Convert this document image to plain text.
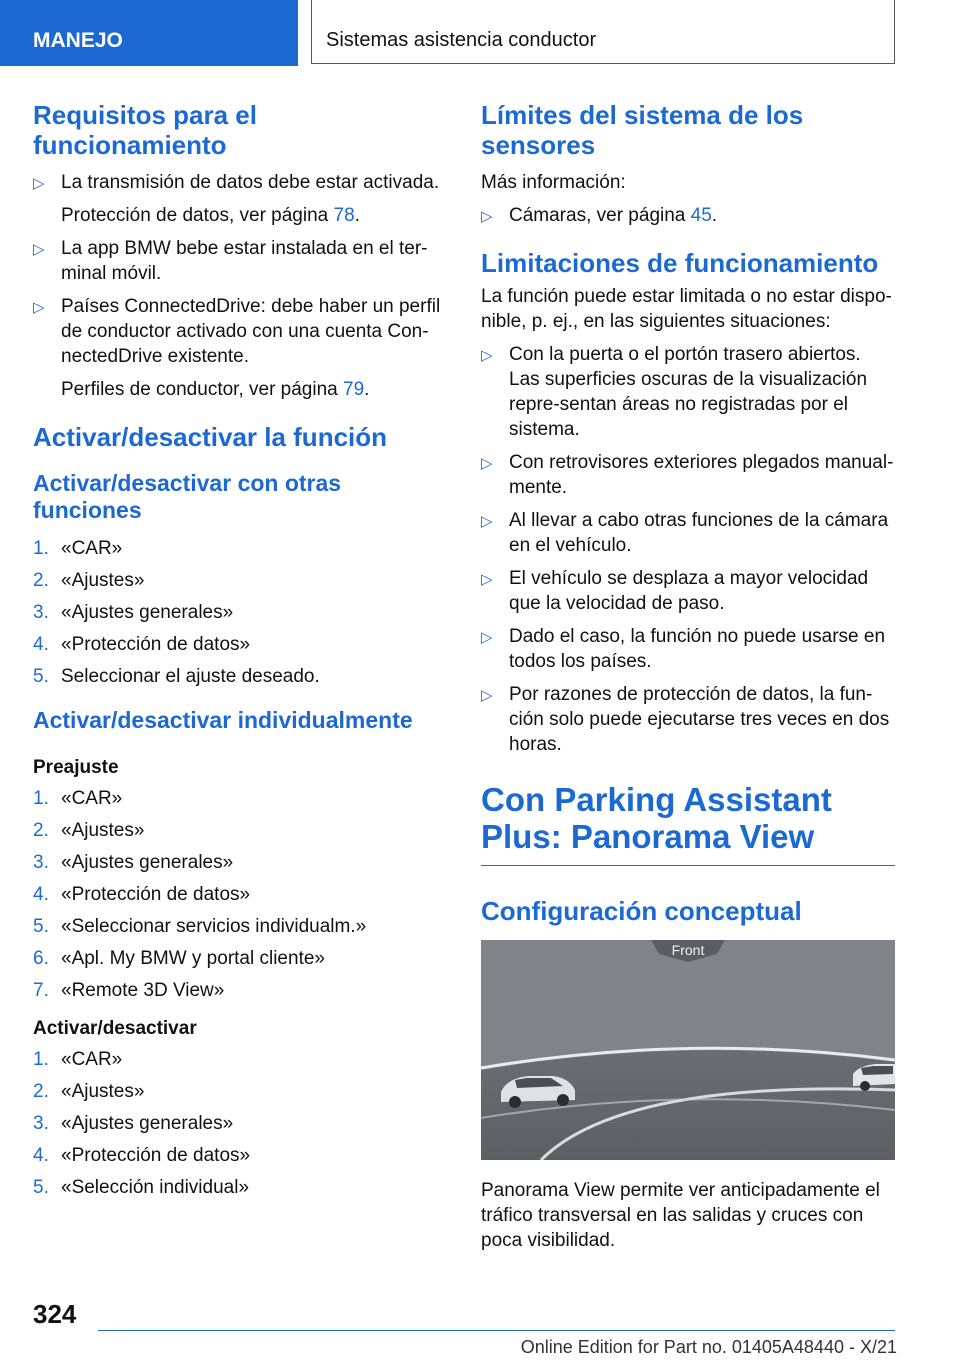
MANEJO	Sistemas asistencia conductor
Requisitos para el funcionamiento
▷ La transmisión de datos debe estar activada.
Protección de datos, ver página 78.
▷ La app BMW bebe estar instalada en el ter‐minal móvil.
▷ Países ConnectedDrive: debe haber un perfil de conductor activado con una cuenta Con‐nectedDrive existente.
Perfiles de conductor, ver página 79.
Activar/desactivar la función
Activar/desactivar con otras funciones
1. «CAR»
2. «Ajustes»
3. «Ajustes generales»
4. «Protección de datos»
5. Seleccionar el ajuste deseado.
Activar/desactivar individualmente
Preajuste
1. «CAR»
2. «Ajustes»
3. «Ajustes generales»
4. «Protección de datos»
5. «Seleccionar servicios individualm.»
6. «Apl. My BMW y portal cliente»
7. «Remote 3D View»
Activar/desactivar
1. «CAR»
2. «Ajustes»
3. «Ajustes generales»
4. «Protección de datos»
5. «Selección individual»
Límites del sistema de los sensores
Más información:
▷ Cámaras, ver página 45.
Limitaciones de funcionamiento
La función puede estar limitada o no estar dispo‐nible, p. ej., en las siguientes situaciones:
▷ Con la puerta o el portón trasero abiertos. Las superficies oscuras de la visualización repre‐sentan áreas no registradas por el sistema.
▷ Con retrovisores exteriores plegados manual‐mente.
▷ Al llevar a cabo otras funciones de la cámara en el vehículo.
▷ El vehículo se desplaza a mayor velocidad que la velocidad de paso.
▷ Dado el caso, la función no puede usarse en todos los países.
▷ Por razones de protección de datos, la fun‐ción solo puede ejecutarse tres veces en dos horas.
Con Parking Assistant Plus: Panorama View
Configuración conceptual
Front
Panorama View permite ver anticipadamente el tráfico transversal en las salidas y cruces con poca visibilidad.
324
Online Edition for Part no. 01405A48440 - X/21
